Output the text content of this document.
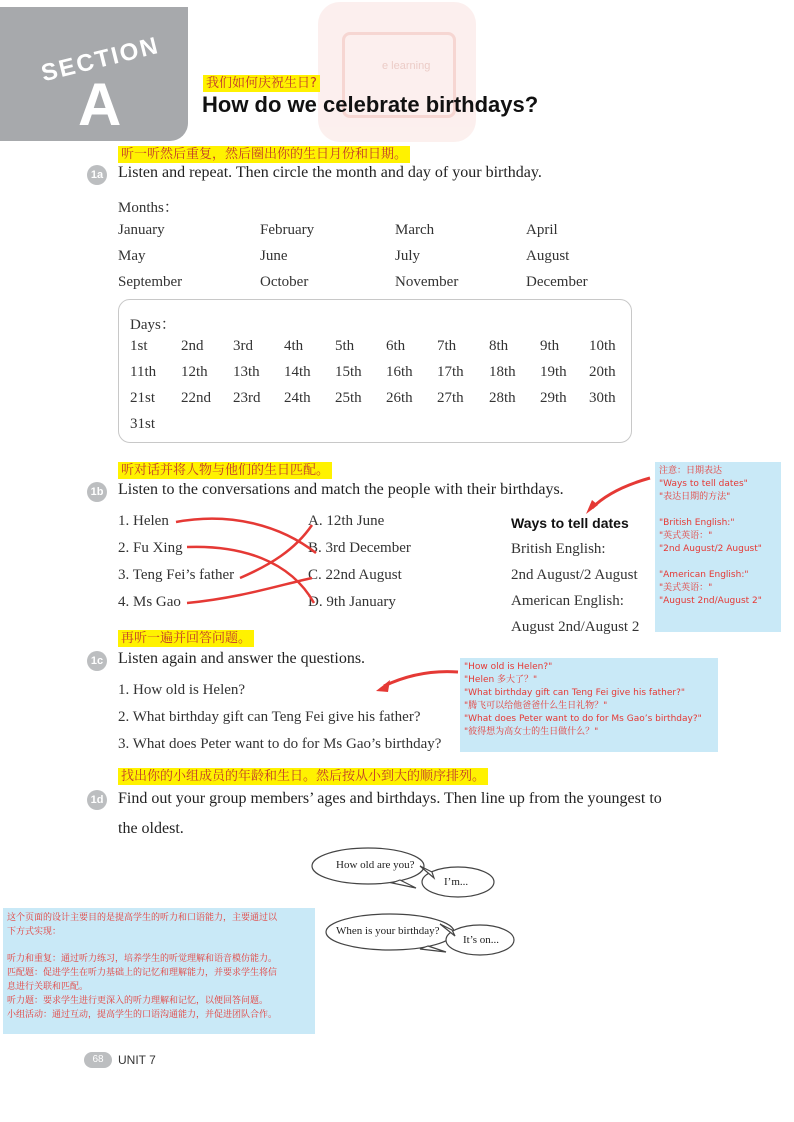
SECTION
A
e learning
我们如何庆祝生日?
How do we celebrate birthdays?
听一听然后重复，然后圈出你的生日月份和日期。
1a Listen and repeat. Then circle the month and day of your birthday.
Months：
January	February	March	April
May	June	July	August
September	October	November	December
Days：
1st 2nd 3rd 4th 5th 6th 7th 8th 9th 10th
11th 12th 13th 14th 15th 16th 17th 18th 19th 20th
21st 22nd 23rd 24th 25th 26th 27th 28th 29th 30th
31st
听对话并将人物与他们的生日匹配。
1b Listen to the conversations and match the people with their birthdays.
1. Helen
2. Fu Xing
3. Teng Fei’s father
4. Ms Gao
A. 12th June
B. 3rd December
C. 22nd August
D. 9th January
Ways to tell dates
British English:
2nd August/2 August
American English:
August 2nd/August 2
注意：日期表达
"Ways to tell dates"
"表达日期的方法"
"British English:"
"英式英语："
"2nd August/2 August"
"American English:"
"美式英语："
"August 2nd/August 2"
再听一遍并回答问题。
1c Listen again and answer the questions.
1. How old is Helen?
2. What birthday gift can Teng Fei give his father?
3. What does Peter want to do for Ms Gao’s birthday?
"How old is Helen?"
"Helen 多大了？"
"What birthday gift can Teng Fei give his father?"
"腾飞可以给他爸爸什么生日礼物？"
"What does Peter want to do for Ms Gao’s birthday?"
"彼得想为高女士的生日做什么？"
找出你的小组成员的年龄和生日。然后按从小到大的顺序排列。
1d Find out your group members’ ages and birthdays. Then line up from the youngest to
the oldest.
How old are you?
I’m...
When is your birthday?
It’s on...
这个页面的设计主要目的是提高学生的听力和口语能力，主要通过以
下方式实现：
听力和重复：通过听力练习，培养学生的听觉理解和语音模仿能力。
匹配题：促进学生在听力基础上的记忆和理解能力，并要求学生将信
息进行关联和匹配。
听力题：要求学生进行更深入的听力理解和记忆，以便回答问题。
小组活动：通过互动，提高学生的口语沟通能力，并促进团队合作。
68	UNIT 7
